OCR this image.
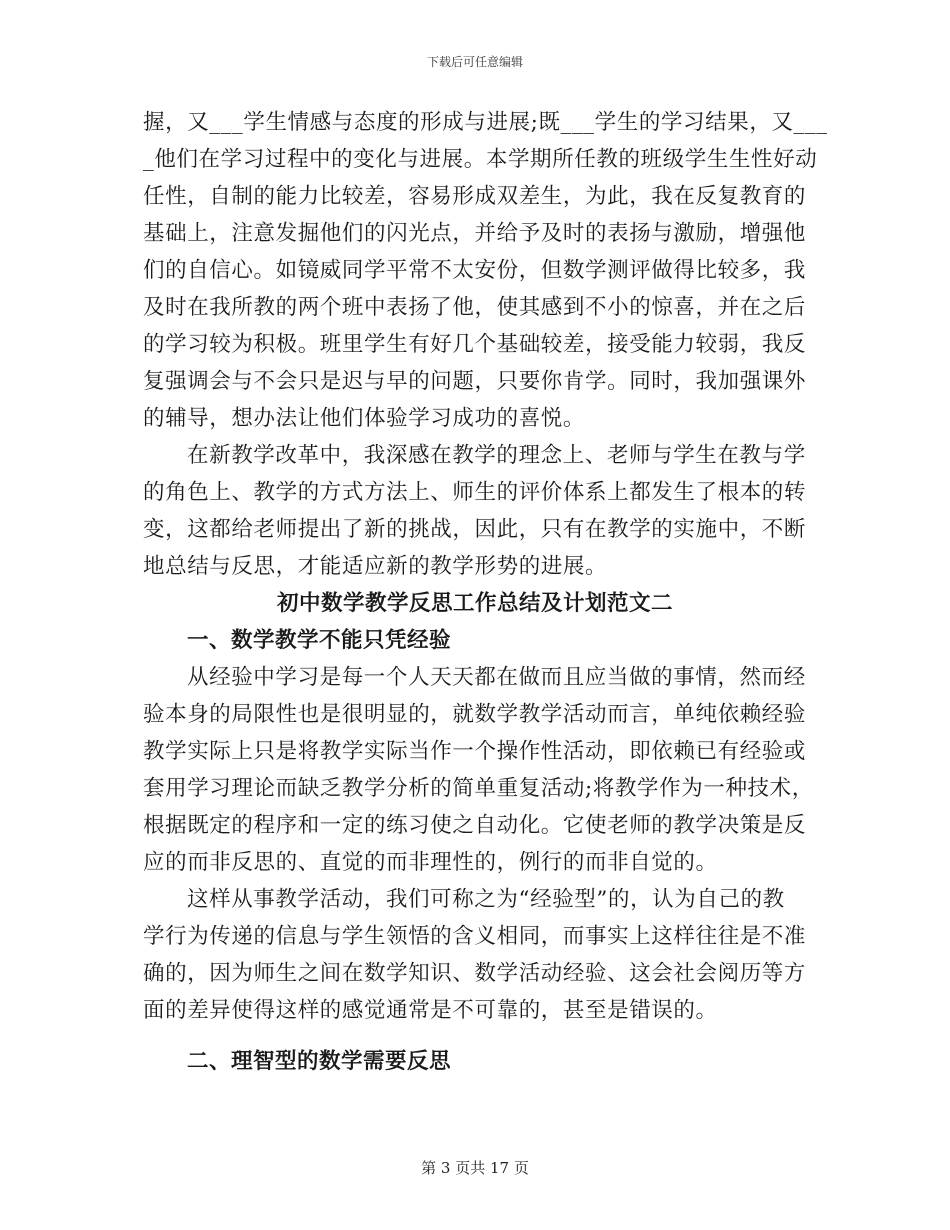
下载后可任意编辑
握，又___学生情感与态度的形成与进展;既___学生的学习结果，又___
_他们在学习过程中的变化与进展。本学期所任教的班级学生生性好动
任性，自制的能力比较差，容易形成双差生，为此，我在反复教育的
基础上，注意发掘他们的闪光点，并给予及时的表扬与激励，增强他
们的自信心。如镜威同学平常不太安份，但数学测评做得比较多，我
及时在我所教的两个班中表扬了他，使其感到不小的惊喜，并在之后
的学习较为积极。班里学生有好几个基础较差，接受能力较弱，我反
复强调会与不会只是迟与早的问题，只要你肯学。同时，我加强课外
的辅导，想办法让他们体验学习成功的喜悦。
在新教学改革中，我深感在教学的理念上、老师与学生在教与学
的角色上、教学的方式方法上、师生的评价体系上都发生了根本的转
变，这都给老师提出了新的挑战，因此，只有在教学的实施中，不断
地总结与反思，才能适应新的教学形势的进展。
初中数学教学反思工作总结及计划范文二
一、数学教学不能只凭经验
从经验中学习是每一个人天天都在做而且应当做的事情，然而经
验本身的局限性也是很明显的，就数学教学活动而言，单纯依赖经验
教学实际上只是将教学实际当作一个操作性活动，即依赖已有经验或
套用学习理论而缺乏教学分析的简单重复活动;将教学作为一种技术，
根据既定的程序和一定的练习使之自动化。它使老师的教学决策是反
应的而非反思的、直觉的而非理性的，例行的而非自觉的。
这样从事教学活动，我们可称之为“经验型”的，认为自己的教
学行为传递的信息与学生领悟的含义相同，而事实上这样往往是不准
确的，因为师生之间在数学知识、数学活动经验、这会社会阅历等方
面的差异使得这样的感觉通常是不可靠的，甚至是错误的。
二、理智型的数学需要反思
第 3 页共 17 页
